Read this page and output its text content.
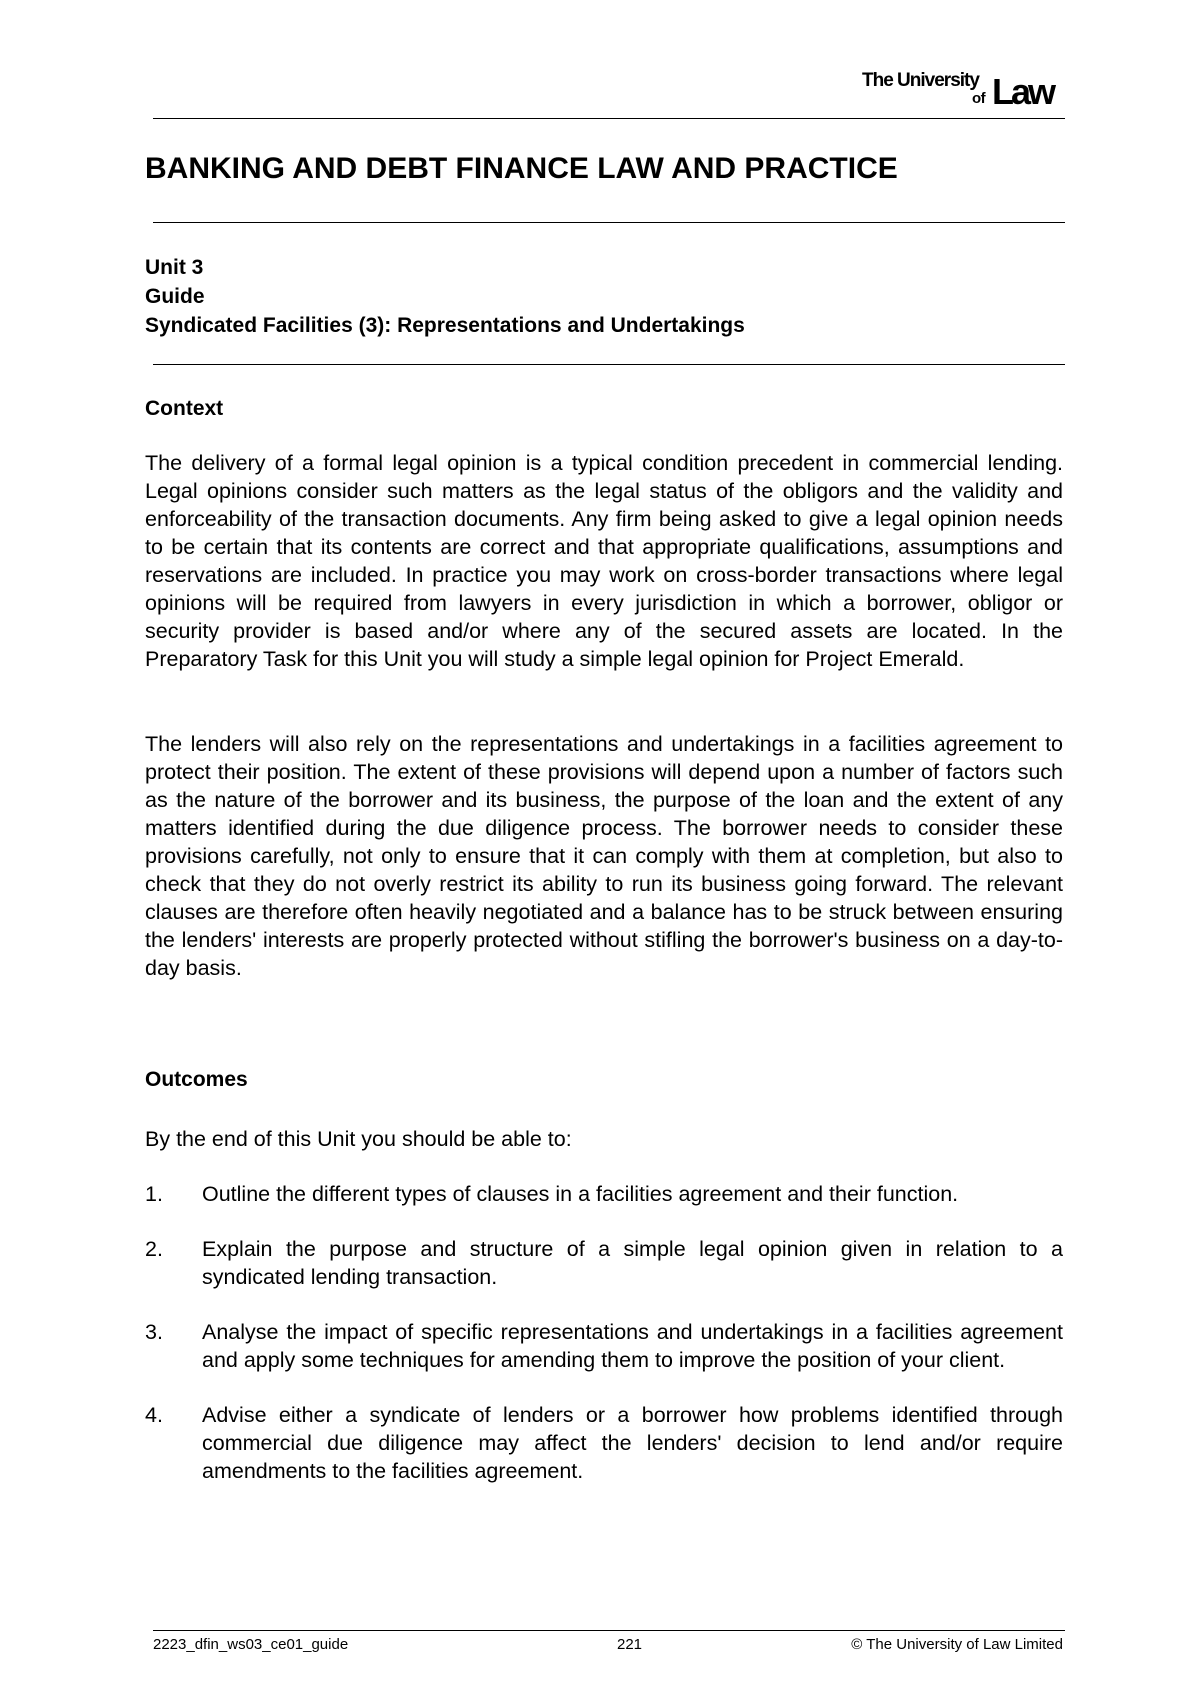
The University
of Law
BANKING AND DEBT FINANCE LAW AND PRACTICE
Unit 3
Guide
Syndicated Facilities (3): Representations and Undertakings
Context

The delivery of a formal legal opinion is a typical condition precedent in commercial lending. Legal opinions consider such matters as the legal status of the obligors and the validity and enforceability of the transaction documents. Any firm being asked to give a legal opinion needs to be certain that its contents are correct and that appropriate qualifications, assumptions and reservations are included. In practice you may work on cross-border transactions where legal opinions will be required from lawyers in every jurisdiction in which a borrower, obligor or security provider is based and/or where any of the secured assets are located. In the Preparatory Task for this Unit you will study a simple legal opinion for Project Emerald.

The lenders will also rely on the representations and undertakings in a facilities agreement to protect their position. The extent of these provisions will depend upon a number of factors such as the nature of the borrower and its business, the purpose of the loan and the extent of any matters identified during the due diligence process. The borrower needs to consider these provisions carefully, not only to ensure that it can comply with them at completion, but also to check that they do not overly restrict its ability to run its business going forward. The relevant clauses are therefore often heavily negotiated and a balance has to be struck between ensuring the lenders' interests are properly protected without stifling the borrower's business on a day-to-day basis.

Outcomes

By the end of this Unit you should be able to:

1. Outline the different types of clauses in a facilities agreement and their function.
2. Explain the purpose and structure of a simple legal opinion given in relation to a syndicated lending transaction.
3. Analyse the impact of specific representations and undertakings in a facilities agreement and apply some techniques for amending them to improve the position of your client.
4. Advise either a syndicate of lenders or a borrower how problems identified through commercial due diligence may affect the lenders' decision to lend and/or require amendments to the facilities agreement.
2223_dfin_ws03_ce01_guide	221	© The University of Law Limited
